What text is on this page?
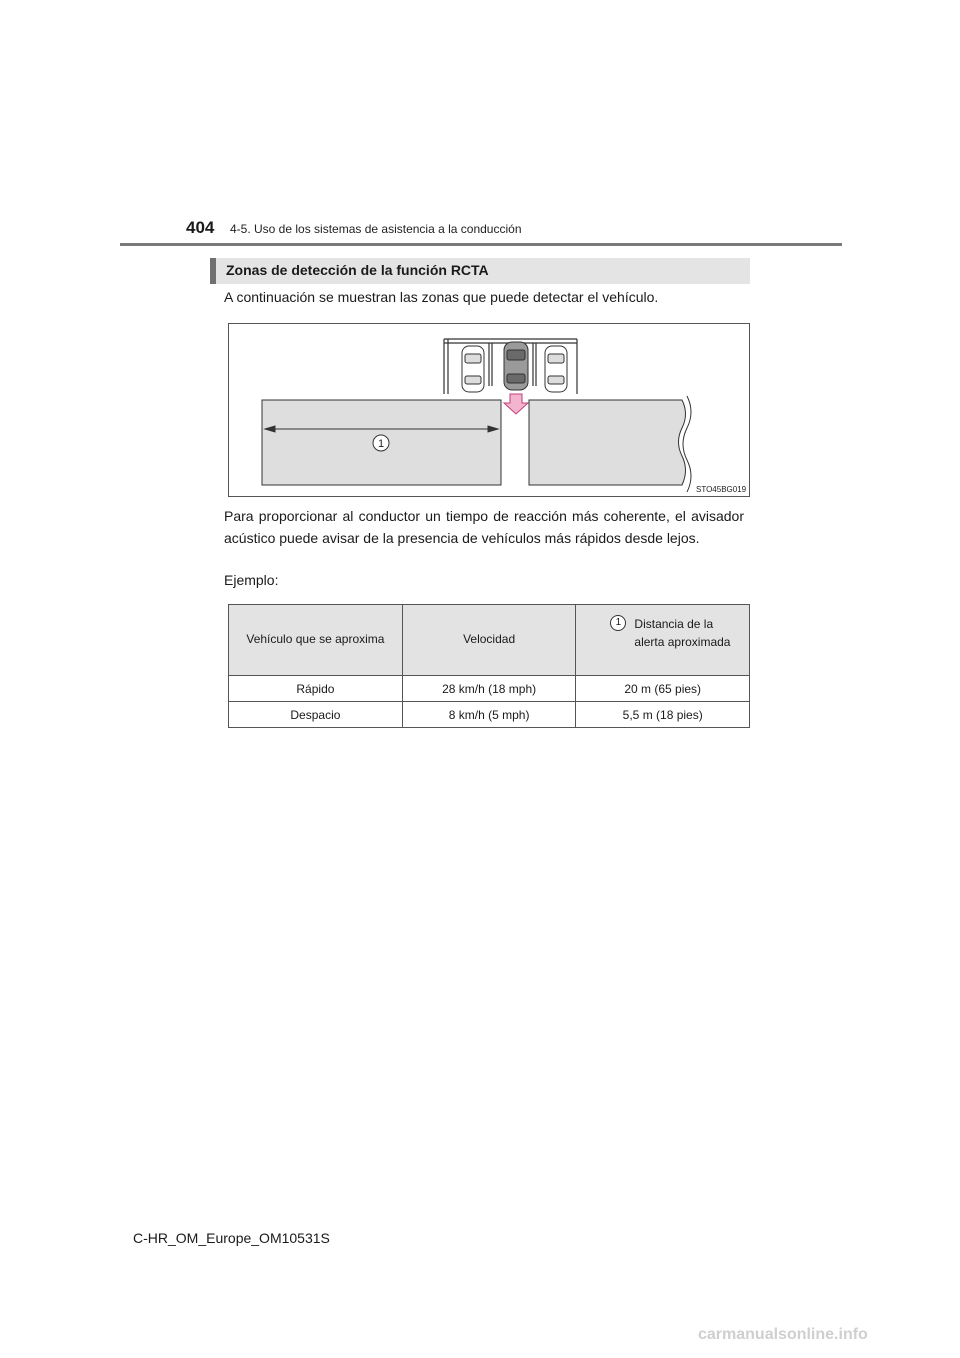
404 4-5. Uso de los sistemas de asistencia a la conducción
Zonas de detección de la función RCTA
A continuación se muestran las zonas que puede detectar el vehículo.
1
STO45BG019
Para proporcionar al conductor un tiempo de reacción más coherente, el avisador acústico puede avisar de la presencia de vehículos más rápidos desde lejos.
Ejemplo:
Vehículo que se aproxima	Velocidad	1 Distancia de la alerta aproximada

Rápido	28 km/h (18 mph)	20 m (65 pies)
Despacio	8 km/h (5 mph)	5,5 m (18 pies)
C-HR_OM_Europe_OM10531S
carmanualsonline.info
